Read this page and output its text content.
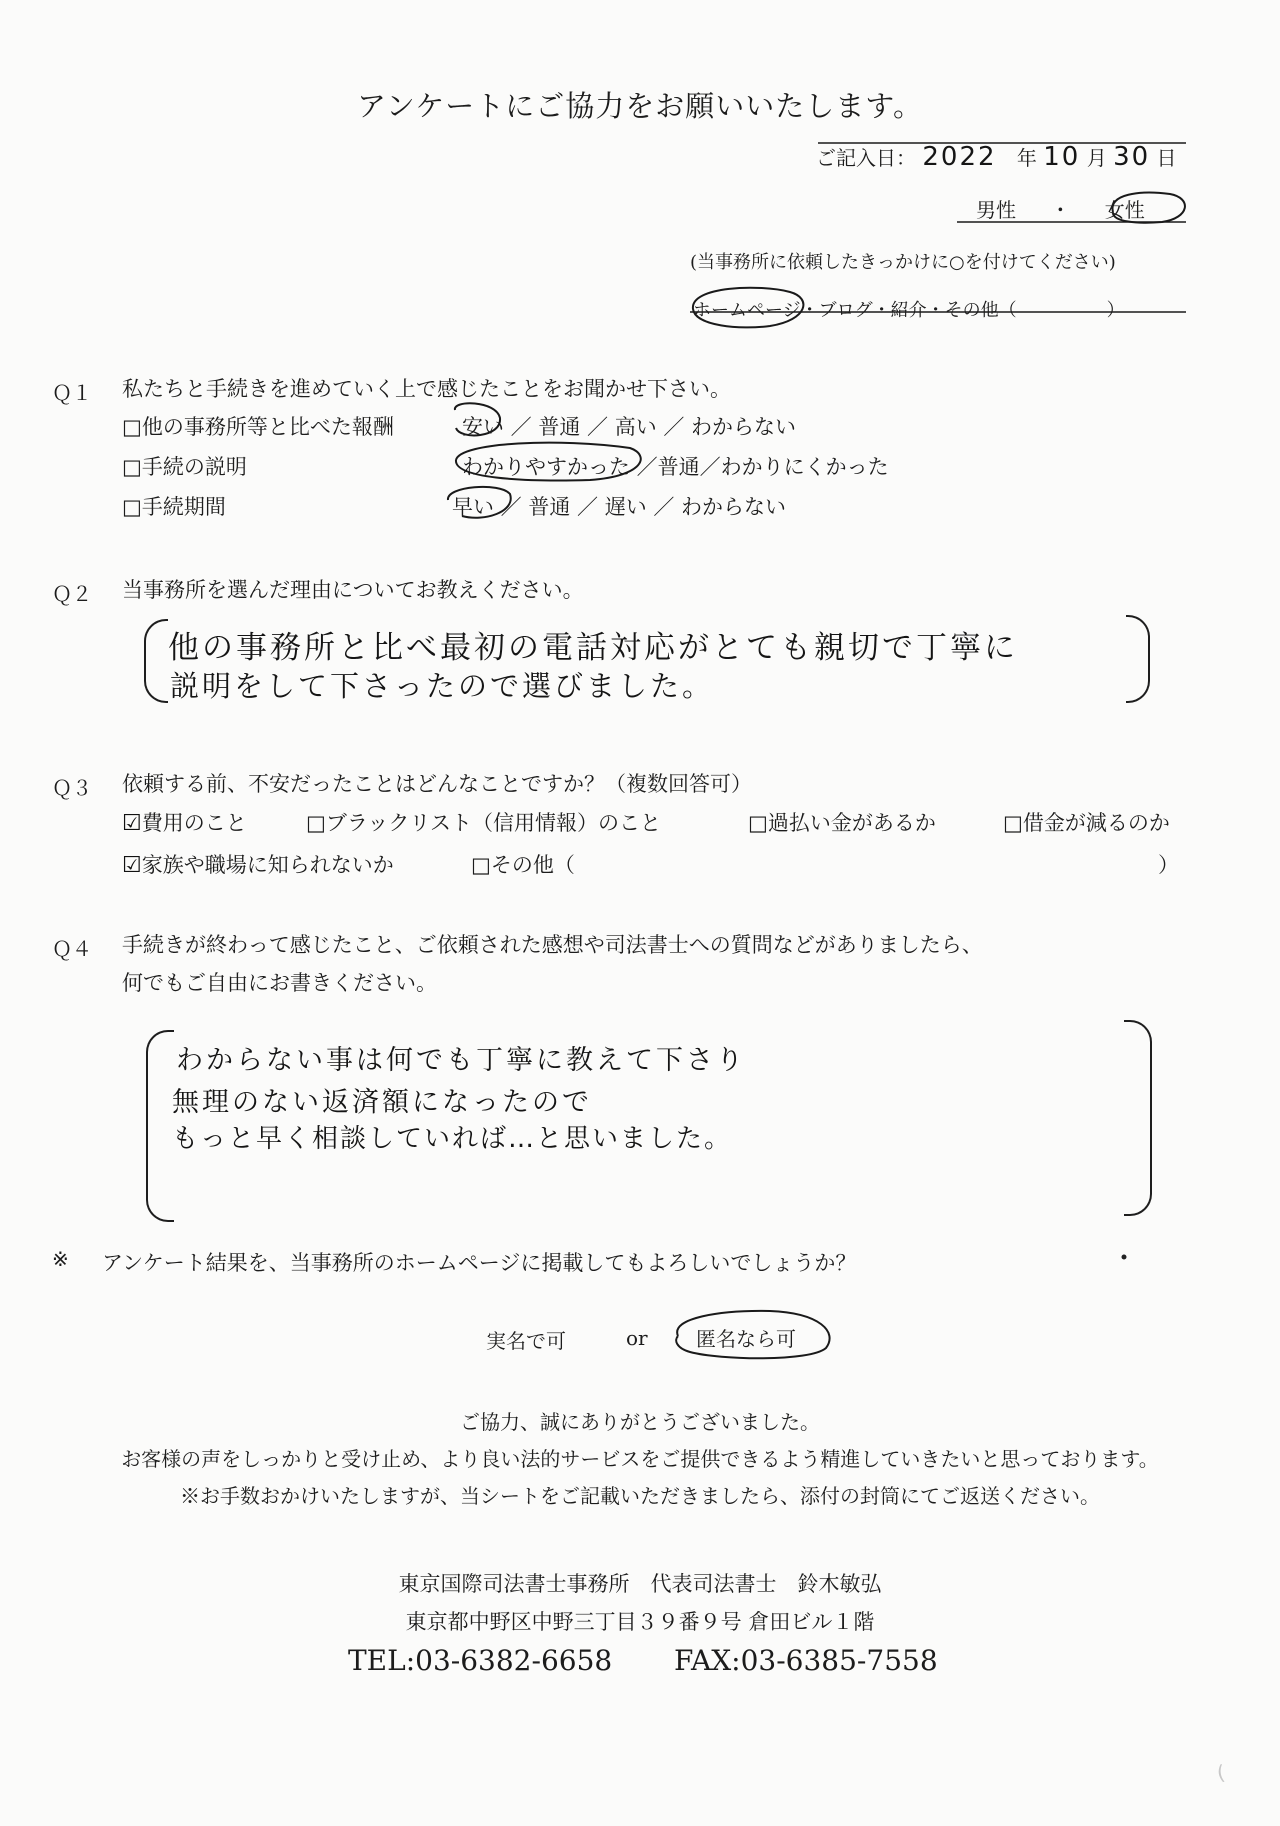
(
アンケートにご協力をお願いいたします。
ご記入日： 2022 年 10 月 30 日
男性 ・ 女性
(当事務所に依頼したきっかけに○を付けてください)
ホームページ・ブログ・紹介・その他（　　　　　）
Ｑ１ 私たちと手続きを進めていく上で感じたことをお聞かせ下さい。
□他の事務所等と比べた報酬	安い ／ 普通 ／ 高い ／ わからない
□手続の説明	わかりやすかった ／普通／わかりにくかった
□手続期間	早い ／ 普通 ／ 遅い ／ わからない
Ｑ２ 当事務所を選んだ理由についてお教えください。
他の事務所と比べ最初の電話対応がとても親切で丁寧に
説明をして下さったので選びました。
Ｑ３ 依頼する前、不安だったことはどんなことですか？（複数回答可）
☑費用のこと	□ブラックリスト（信用情報）のこと	□過払い金があるか	□借金が減るのか
☑家族や職場に知られないか	□その他（	）
Ｑ４ 手続きが終わって感じたこと、ご依頼された感想や司法書士への質問などがありましたら、
何でもご自由にお書きください。
わからない事は何でも丁寧に教えて下さり
無理のない返済額になったので
もっと早く相談していれば…と思いました。
※ アンケート結果を、当事務所のホームページに掲載してもよろしいでしょうか？
実名で可	or 匿名なら可
ご協力、誠にありがとうございました。
お客様の声をしっかりと受け止め、より良い法的サービスをご提供できるよう精進していきたいと思っております。
※お手数おかけいたしますが、当シートをご記載いただきましたら、添付の封筒にてご返送ください。
東京国際司法書士事務所　代表司法書士　鈴木敏弘
東京都中野区中野三丁目３９番９号 倉田ビル１階
TEL:03-6382-6658 FAX:03-6385-7558
